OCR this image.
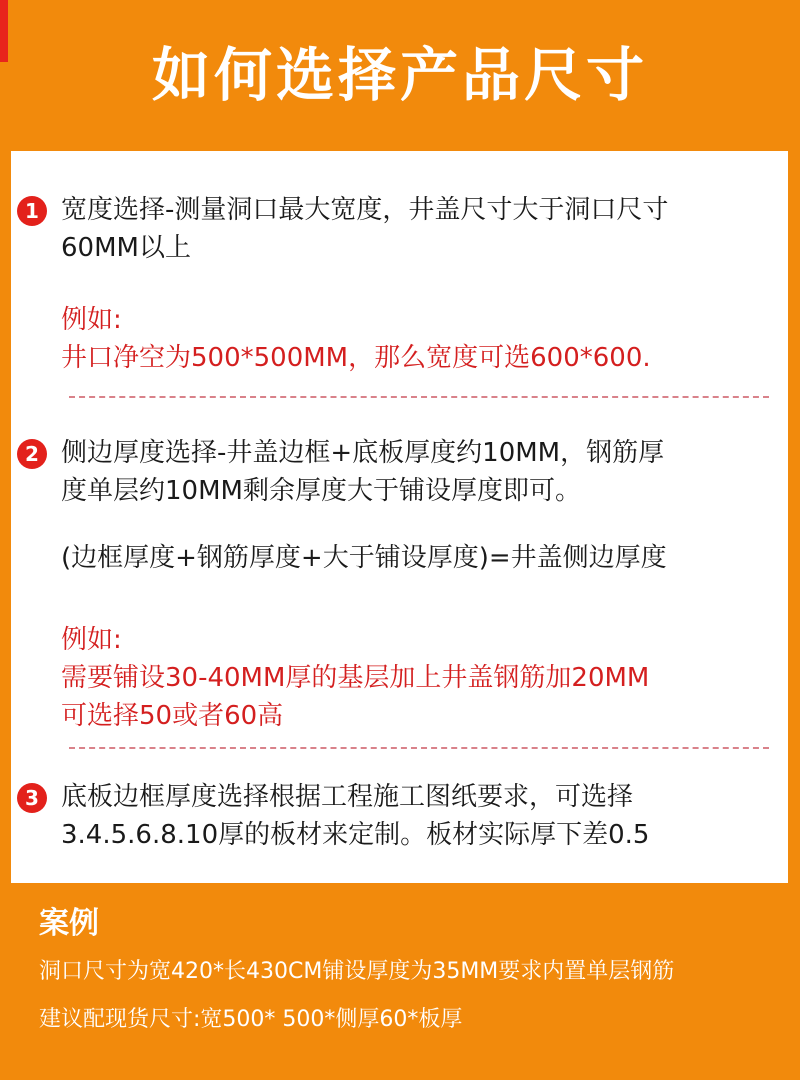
如何选择产品尺寸
1 宽度选择-测量洞口最大宽度，井盖尺寸大于洞口尺寸
60MM以上
例如:
井口净空为500*500MM，那么宽度可选600*600.
2 侧边厚度选择-井盖边框+底板厚度约10MM，钢筋厚
度单层约10MM剩余厚度大于铺设厚度即可。
(边框厚度+钢筋厚度+大于铺设厚度)=井盖侧边厚度
例如:
需要铺设30-40MM厚的基层加上井盖钢筋加20MM
可选择50或者60高
3 底板边框厚度选择根据工程施工图纸要求，可选择
3.4.5.6.8.10厚的板材来定制。板材实际厚下差0.5
案例
洞口尺寸为宽420*长430CM铺设厚度为35MM要求内置单层钢筋
建议配现货尺寸:宽500* 500*侧厚60*板厚
